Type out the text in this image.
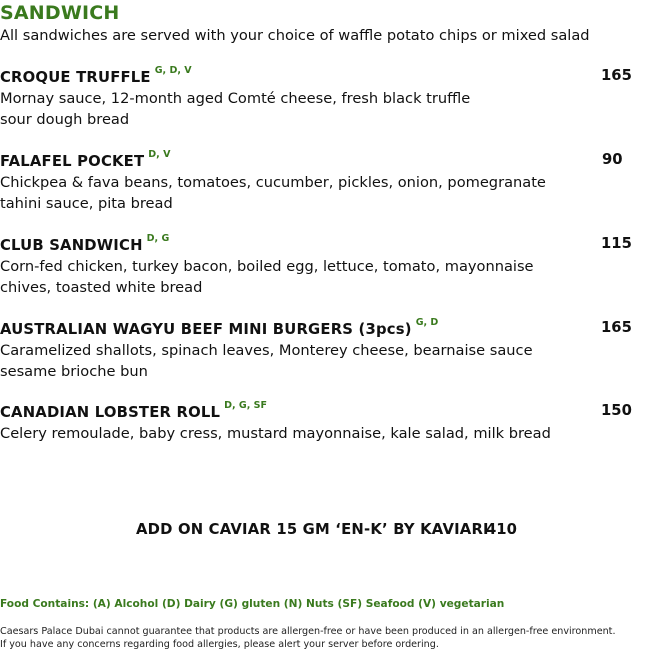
SANDWICH
All sandwiches are served with your choice of waffle potato chips or mixed salad
CROQUE TRUFFLE $^{G, D, V}$	165
Mornay sauce, 12-month aged Comté cheese, fresh black truffle
sour dough bread
FALAFEL POCKET $^{D, V}$	90
Chickpea & fava beans, tomatoes, cucumber, pickles, onion, pomegranate
tahini sauce, pita bread
CLUB SANDWICH $^{D, G}$	115
Corn-fed chicken, turkey bacon, boiled egg, lettuce, tomato, mayonnaise
chives, toasted white bread
AUSTRALIAN WAGYU BEEF MINI BURGERS (3pcs) $^{G, D}$	165
Caramelized shallots, spinach leaves, Monterey cheese, bearnaise sauce
sesame brioche bun
CANADIAN LOBSTER ROLL $^{D, G, SF}$	150
Celery remoulade, baby cress, mustard mayonnaise, kale salad, milk bread
ADD ON CAVIAR 15 GM ‘EN-K’ BY KAVIARI
410
Food Contains: (A) Alcohol (D) Dairy (G) gluten (N) Nuts (SF) Seafood (V) vegetarian
Caesars Palace Dubai cannot guarantee that products are allergen-free or have been produced in an allergen-free environment.
If you have any concerns regarding food allergies, please alert your server before ordering.
